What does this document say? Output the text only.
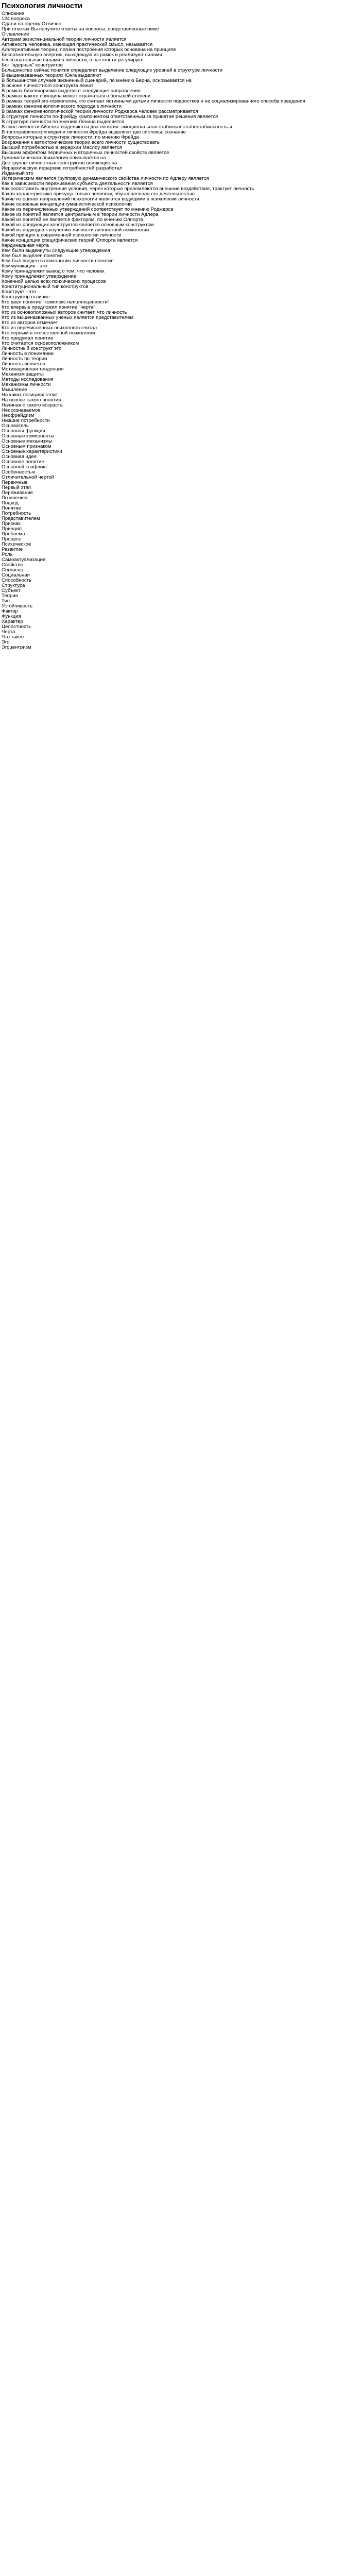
Психология личности
Описание
124 вопроса
Сдали на оценку Отлично
При ответах Вы получите ответы на вопросы, представленные ниже
Оглавление
Авторам экзистенциальной теории личности является
Активность человека, имеющая практический смысл, называется
Альтернативные теории, логика построения которых основана на принципе
Бессознательную энергию, выходящую из рамок и реализуют силами
бессознательные силами в личности, в частности регулируют
Бог "ядерных" конструктов
Большинство сейчас понятия определяет выделение следующих уровней в структуре личности
В вышеназванных теориях Юнга выделяют
В большинстве случаев жизненный сценарий, по мнению Берна, основывается на
В основе личностного конструкта лежит
В рамках бихевиоризма выделяют следующие направления
В рамках какого принципа может отражаться в большей степени
В рамках теорий эго-психологии, кто считает истинными детьми личности подростков и не социализированного способа поведения
В рамках феноменологического подхода к личности
В рамках феноменологической теории личности Роджерса человек рассматривается
В структуре личности по-фрейду компонентом ответственным за принятие решения является
В структуре личности по мнению Ленина выделяется
В свое личности Айзенка выделяются два понятия: эмоциональная стабильность/нестабильность и
В топографическом модели личности Фрейда выделяют две системы: сознание
Вопросы которые в структуре личности, по мнению Фрейда
Возражения к автохтонические теории всего личности существовать
Высший потребностью в иерархии Маслоу является
Высшим эффектом первичных и вторичных личностей свойств является
Гуманистическая психология описывается на
Две группы личностных конструктов влияющие на
Иерархическую иерархию потребностей разработал
Изданный это
Истерическим является групповую динамического свойства личности по Адлеру является
Как в зависимости переживания субъекта деятельности является
Как сопоставить внутренние условия, через которые преломляются внешние воздействия, трактует личность
Какая характеристика присуща только человеку, обусловленная его деятельностью
Какие из оценок направлений психологии являются ведущими в психологии личности
Какие основные концепции гуманистической психологии
Какое из перечисленных утверждений соответствует по мнению Роджерса
Какое из понятий является центральным в теории личности Адлера
Какой из понятий не является фактором, по мнению Олпорта
Какой из следующих конструктов является основным конструктом
Какой из подходов к изучению личности личностной психологии
Какой принцип в современной психологии личности
Какие концепция специфических теорий Олпорта является
Кардинальная черта
Кем были выдвинуты следующие утверждения
Кем был выделен понятие
Кем был введен в психологию личности понятие
Коммуникация - это
Кому принадлежит вывод о том, что человек
Кому принадлежит утверждение
Конечной целью всех психических процессов
Конституциональный тип конструктов
Конструкт - это
Конструктор отличие
Кто ввел понятие "комплекс неполноценности"
Кто впервые предложил понятие "черта"
Кто из основоположных авторов считает, что личность
Кто из вышеназванных ученых является представителем
Кто из авторов отмечает
Кто из перечисленных психологов считал
Кто первым в отечественной психологии
Кто придумал понятие
Кто считается основоположником
Личностный конструкт это
Личность в понимании
Личность по теории
Личность является
Мотивационная тенденция
Механизм защиты
Методы исследования
Механизмы личности
Мышление
На каких позициях стоит
На основе какого понятия
Начиная с какого возраста
Неосознаваемое
Неофрейдизм
Низшие потребности
Основатель
Основная функция
Основные компоненты
Основные механизмы
Основным признаком
Основные характеристики
Основная идея
Основное понятие
Основной конфликт
Особенностью
Отличительной чертой
Первичные
Первый этап
Переживание
По мнению
Подход
Понятие
Потребность
Представителем
Признак
Принцип
Проблема
Процесс
Психическое
Развитие
Роль
Самоактуализация
Свойство
Согласно
Социальная
Способность
Структура
Субъект
Теория
Тип
Устойчивость
Фактор
Функция
Характер
Целостность
Черта
Что такое
Эго
Эгоцентризм
